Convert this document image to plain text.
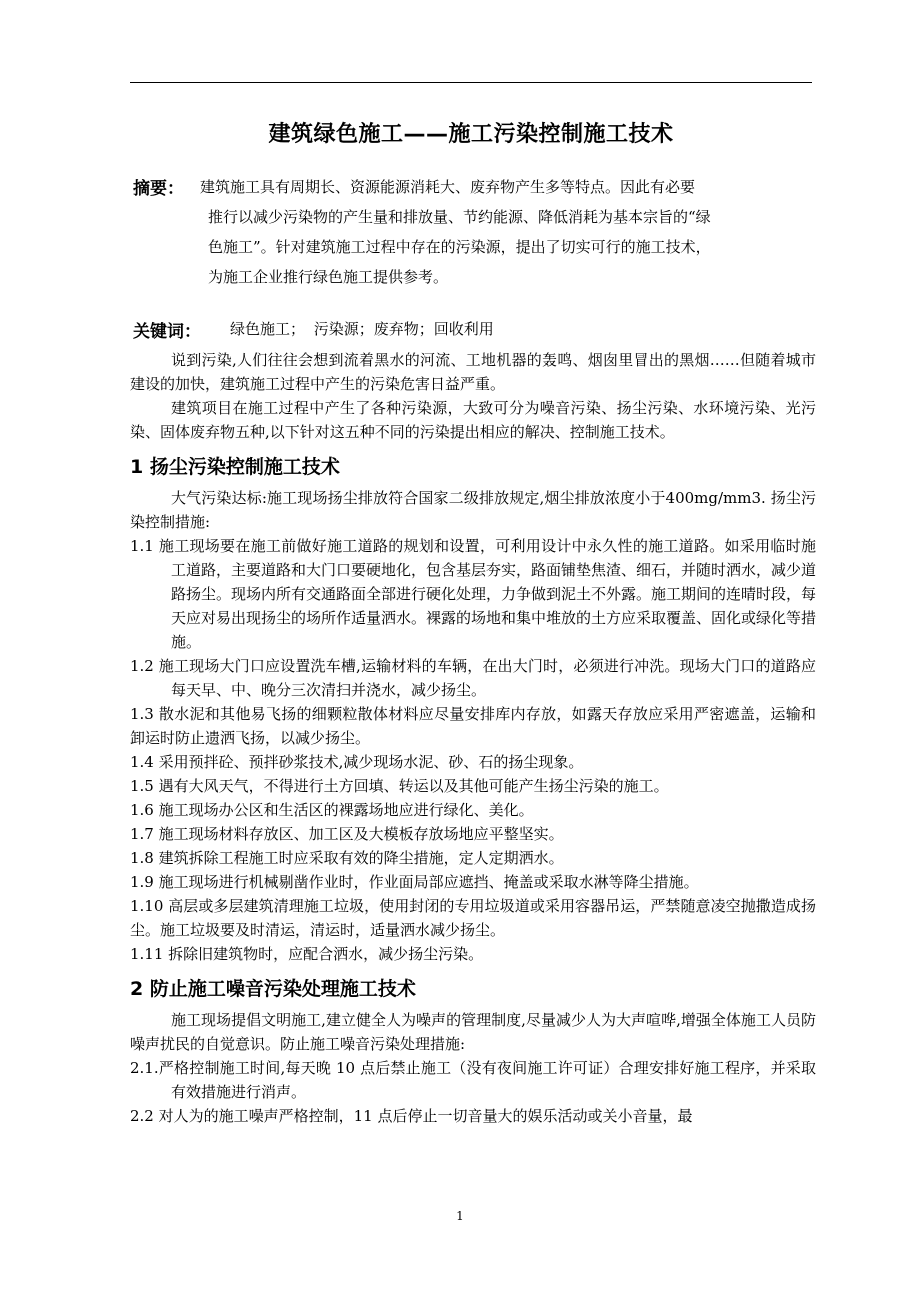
建筑绿色施工——施工污染控制施工技术
摘要： 建筑施工具有周期长、资源能源消耗大、废弃物产生多等特点。因此有必要
推行以减少污染物的产生量和排放量、节约能源、降低消耗为基本宗旨的“绿
色施工”。针对建筑施工过程中存在的污染源，提出了切实可行的施工技术，
为施工企业推行绿色施工提供参考。
关键词： 绿色施工； 污染源；废弃物；回收利用

说到污染,人们往往会想到流着黑水的河流、工地机器的轰鸣、烟囱里冒出的黑烟……但随着城市建设的加快，建筑施工过程中产生的污染危害日益严重。

建筑项目在施工过程中产生了各种污染源，大致可分为噪音污染、扬尘污染、水环境污染、光污染、固体废弃物五种,以下针对这五种不同的污染提出相应的解决、控制施工技术。

1 扬尘污染控制施工技术

大气污染达标:施工现场扬尘排放符合国家二级排放规定,烟尘排放浓度小于400mg/mm3. 扬尘污染控制措施:

1.1 施工现场要在施工前做好施工道路的规划和设置，可利用设计中永久性的施工道路。如采用临时施工道路，主要道路和大门口要硬地化，包含基层夯实，路面铺垫焦渣、细石，并随时洒水，减少道路扬尘。现场内所有交通路面全部进行硬化处理，力争做到泥土不外露。施工期间的连晴时段，每天应对易出现扬尘的场所作适量洒水。裸露的场地和集中堆放的土方应采取覆盖、固化或绿化等措施。

1.2 施工现场大门口应设置洗车槽,运输材料的车辆，在出大门时，必须进行冲洗。现场大门口的道路应每天早、中、晚分三次清扫并浇水，减少扬尘。

1.3 散水泥和其他易飞扬的细颗粒散体材料应尽量安排库内存放，如露天存放应采用严密遮盖，运输和卸运时防止遗洒飞扬，以减少扬尘。

1.4 采用预拌砼、预拌砂浆技术,减少现场水泥、砂、石的扬尘现象。

1.5 遇有大风天气，不得进行土方回填、转运以及其他可能产生扬尘污染的施工。

1.6 施工现场办公区和生活区的裸露场地应进行绿化、美化。

1.7 施工现场材料存放区、加工区及大模板存放场地应平整坚实。

1.8 建筑拆除工程施工时应采取有效的降尘措施，定人定期洒水。

1.9 施工现场进行机械剔凿作业时，作业面局部应遮挡、掩盖或采取水淋等降尘措施。

1.10 高层或多层建筑清理施工垃圾，使用封闭的专用垃圾道或采用容器吊运，严禁随意凌空抛撒造成扬尘。施工垃圾要及时清运，清运时，适量洒水减少扬尘。

1.11 拆除旧建筑物时，应配合洒水，减少扬尘污染。

2 防止施工噪音污染处理施工技术

施工现场提倡文明施工,建立健全人为噪声的管理制度,尽量减少人为大声喧哗,增强全体施工人员防噪声扰民的自觉意识。防止施工噪音污染处理措施:

2.1.严格控制施工时间,每天晚 10 点后禁止施工（没有夜间施工许可证）合理安排好施工程序，并采取有效措施进行消声。

2.2 对人为的施工噪声严格控制，11 点后停止一切音量大的娱乐活动或关小音量，最

1
